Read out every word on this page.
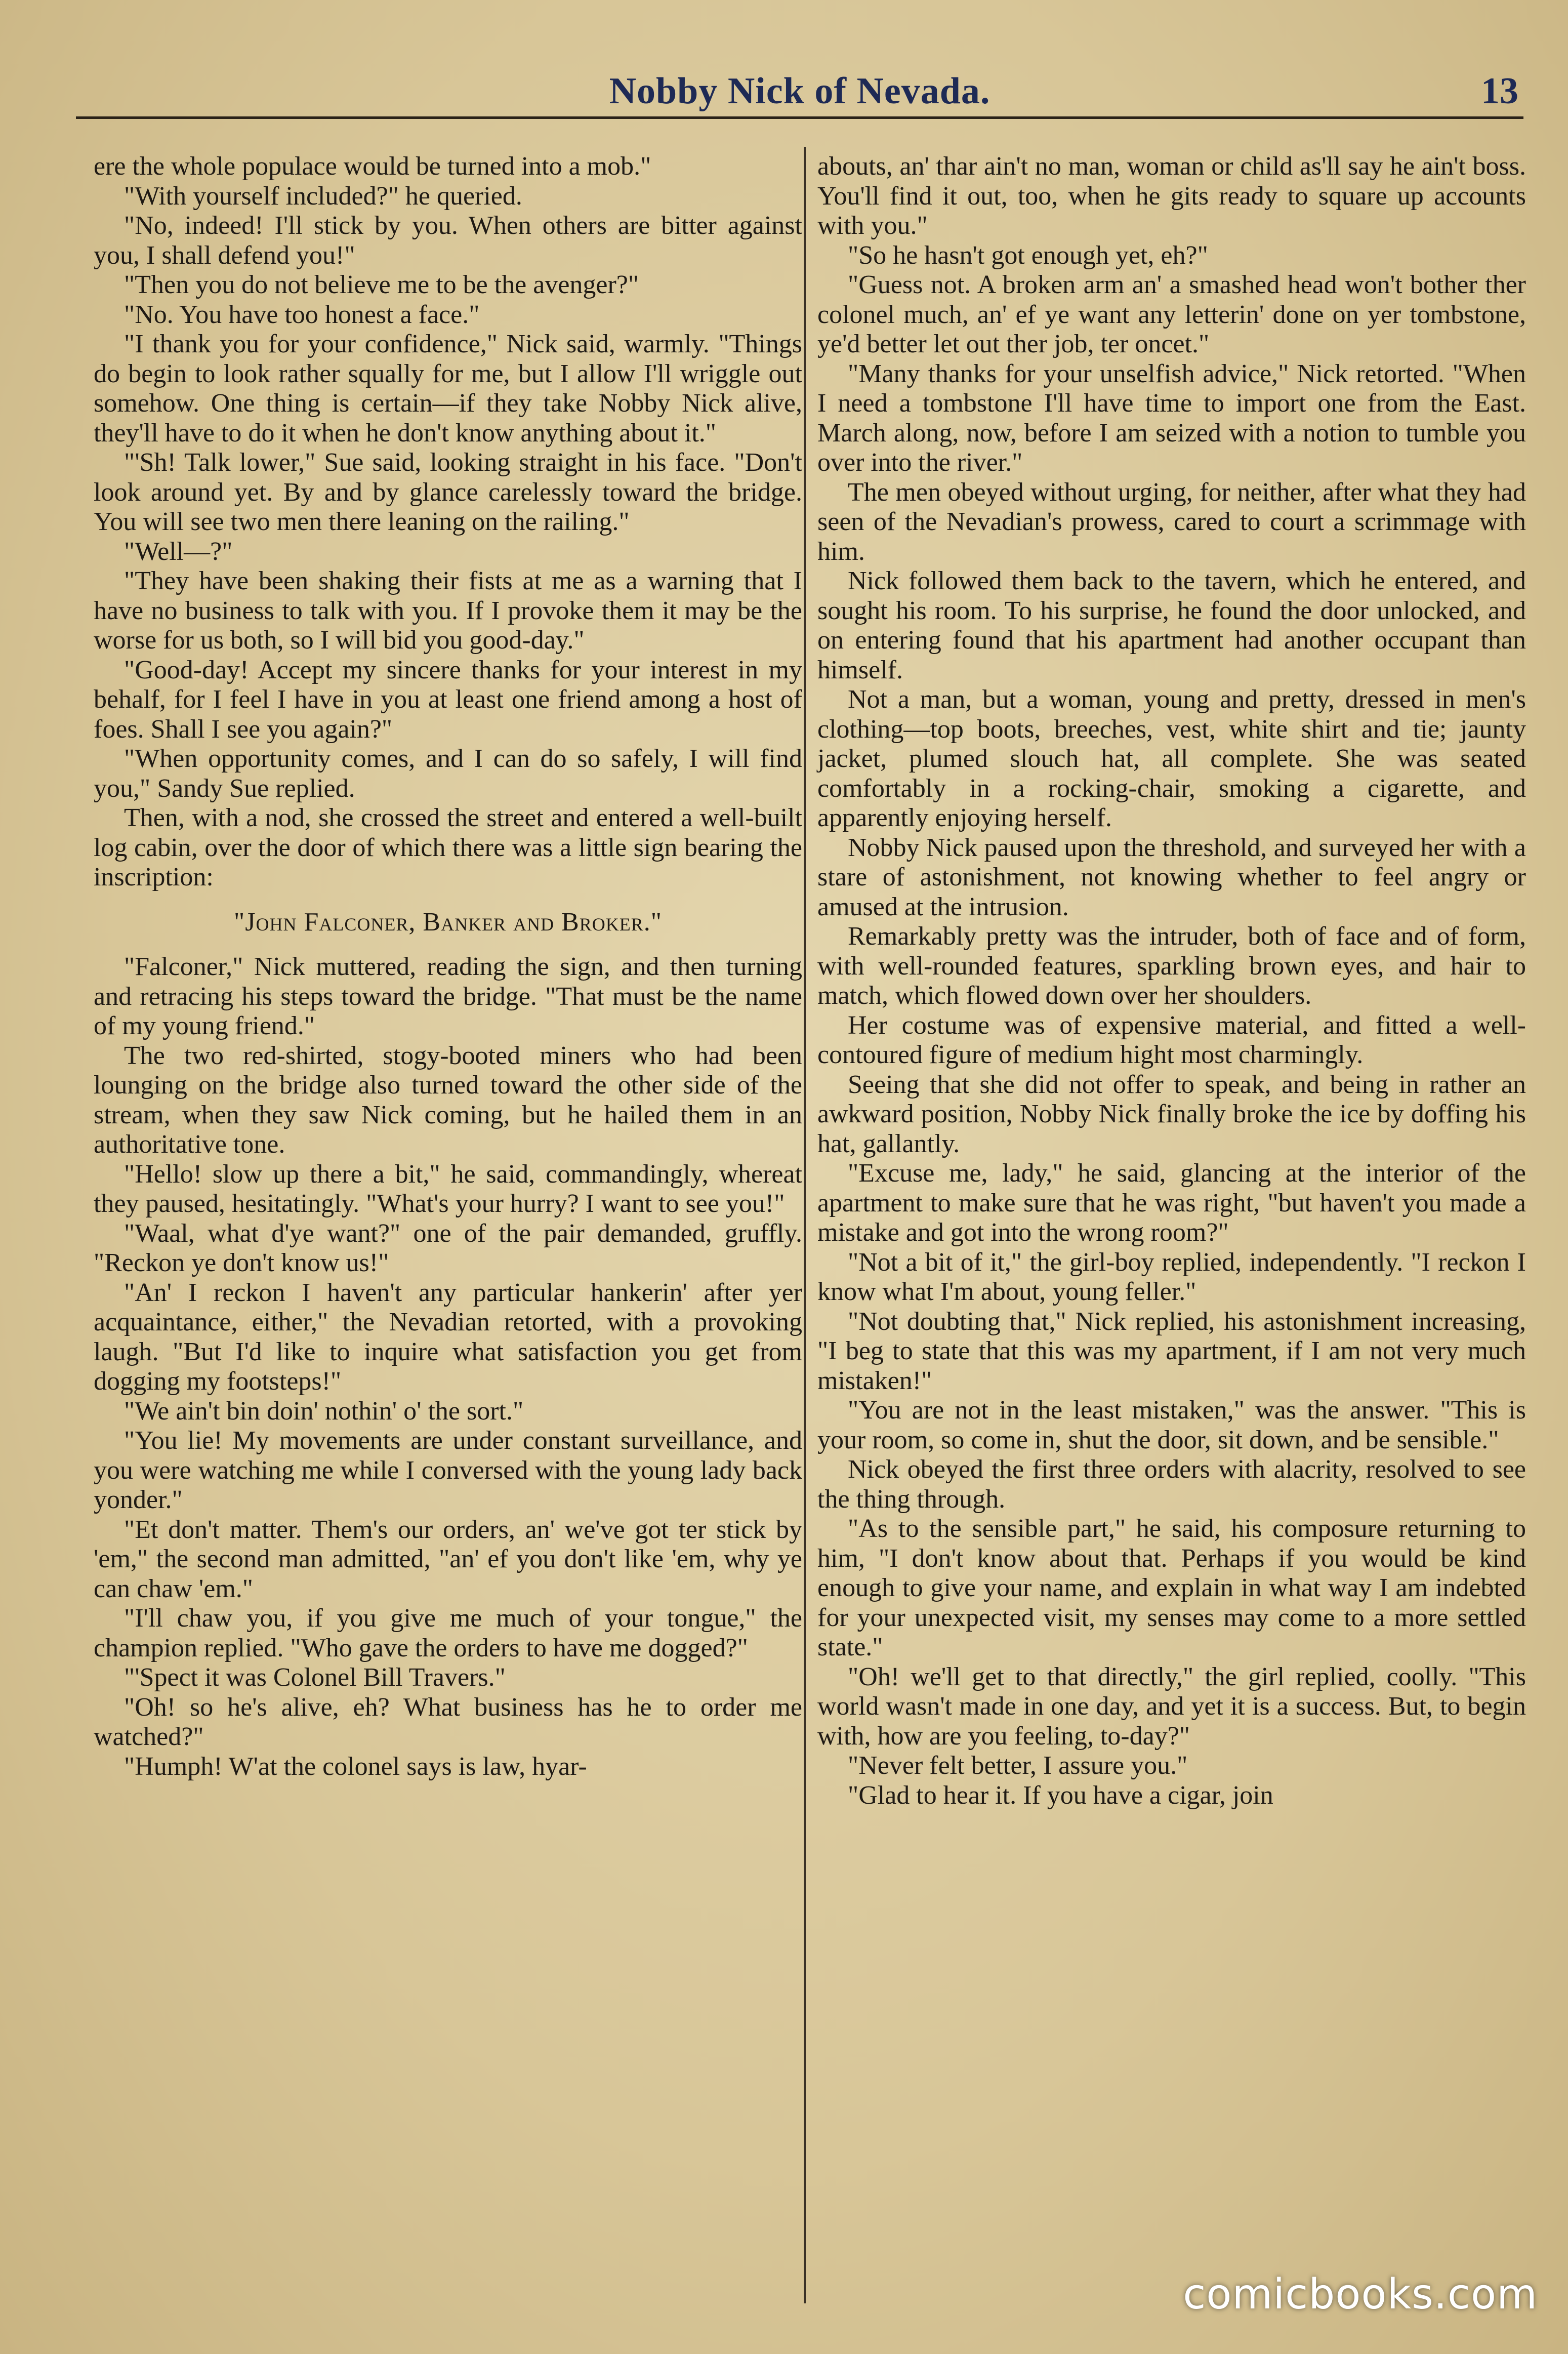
Nobby Nick of Nevada.	13

ere the whole populace would be turned into a mob."

"With yourself included?" he queried.

"No, indeed! I'll stick by you. When others are bitter against you, I shall defend you!"

"Then you do not believe me to be the avenger?"

"No. You have too honest a face."

"I thank you for your confidence," Nick said, warmly. "Things do begin to look rather squally for me, but I allow I'll wriggle out somehow. One thing is certain—if they take Nobby Nick alive, they'll have to do it when he don't know anything about it."

"'Sh! Talk lower," Sue said, looking straight in his face. "Don't look around yet. By and by glance carelessly toward the bridge. You will see two men there leaning on the railing."

"Well—?"

"They have been shaking their fists at me as a warning that I have no business to talk with you. If I provoke them it may be the worse for us both, so I will bid you good-day."

"Good-day! Accept my sincere thanks for your interest in my behalf, for I feel I have in you at least one friend among a host of foes. Shall I see you again?"

"When opportunity comes, and I can do so safely, I will find you," Sandy Sue replied.

Then, with a nod, she crossed the street and entered a well-built log cabin, over the door of which there was a little sign bearing the inscription:

"John Falconer, Banker and Broker."

"Falconer," Nick muttered, reading the sign, and then turning and retracing his steps toward the bridge. "That must be the name of my young friend."

The two red-shirted, stogy-booted miners who had been lounging on the bridge also turned toward the other side of the stream, when they saw Nick coming, but he hailed them in an authoritative tone.

"Hello! slow up there a bit," he said, commandingly, whereat they paused, hesitatingly. "What's your hurry? I want to see you!"

"Waal, what d'ye want?" one of the pair demanded, gruffly. "Reckon ye don't know us!"

"An' I reckon I haven't any particular hankerin' after yer acquaintance, either," the Nevadian retorted, with a provoking laugh. "But I'd like to inquire what satisfaction you get from dogging my footsteps!"

"We ain't bin doin' nothin' o' the sort."

"You lie! My movements are under constant surveillance, and you were watching me while I conversed with the young lady back yonder."

"Et don't matter. Them's our orders, an' we've got ter stick by 'em," the second man admitted, "an' ef you don't like 'em, why ye can chaw 'em."

"I'll chaw you, if you give me much of your tongue," the champion replied. "Who gave the orders to have me dogged?"

"'Spect it was Colonel Bill Travers."

"Oh! so he's alive, eh? What business has he to order me watched?"

"Humph! W'at the colonel says is law, hyar-

abouts, an' thar ain't no man, woman or child as'll say he ain't boss. You'll find it out, too, when he gits ready to square up accounts with you."

"So he hasn't got enough yet, eh?"

"Guess not. A broken arm an' a smashed head won't bother ther colonel much, an' ef ye want any letterin' done on yer tombstone, ye'd better let out ther job, ter oncet."

"Many thanks for your unselfish advice," Nick retorted. "When I need a tombstone I'll have time to import one from the East. March along, now, before I am seized with a notion to tumble you over into the river."

The men obeyed without urging, for neither, after what they had seen of the Nevadian's prowess, cared to court a scrimmage with him.

Nick followed them back to the tavern, which he entered, and sought his room. To his surprise, he found the door unlocked, and on entering found that his apartment had another occupant than himself.

Not a man, but a woman, young and pretty, dressed in men's clothing—top boots, breeches, vest, white shirt and tie; jaunty jacket, plumed slouch hat, all complete. She was seated comfortably in a rocking-chair, smoking a cigarette, and apparently enjoying herself.

Nobby Nick paused upon the threshold, and surveyed her with a stare of astonishment, not knowing whether to feel angry or amused at the intrusion.

Remarkably pretty was the intruder, both of face and of form, with well-rounded features, sparkling brown eyes, and hair to match, which flowed down over her shoulders.

Her costume was of expensive material, and fitted a well-contoured figure of medium hight most charmingly.

Seeing that she did not offer to speak, and being in rather an awkward position, Nobby Nick finally broke the ice by doffing his hat, gallantly.

"Excuse me, lady," he said, glancing at the interior of the apartment to make sure that he was right, "but haven't you made a mistake and got into the wrong room?"

"Not a bit of it," the girl-boy replied, independently. "I reckon I know what I'm about, young feller."

"Not doubting that," Nick replied, his astonishment increasing, "I beg to state that this was my apartment, if I am not very much mistaken!"

"You are not in the least mistaken," was the answer. "This is your room, so come in, shut the door, sit down, and be sensible."

Nick obeyed the first three orders with alacrity, resolved to see the thing through.

"As to the sensible part," he said, his composure returning to him, "I don't know about that. Perhaps if you would be kind enough to give your name, and explain in what way I am indebted for your unexpected visit, my senses may come to a more settled state."

"Oh! we'll get to that directly," the girl replied, coolly. "This world wasn't made in one day, and yet it is a success. But, to begin with, how are you feeling, to-day?"

"Never felt better, I assure you."

"Glad to hear it. If you have a cigar, join

comicbooks.com
